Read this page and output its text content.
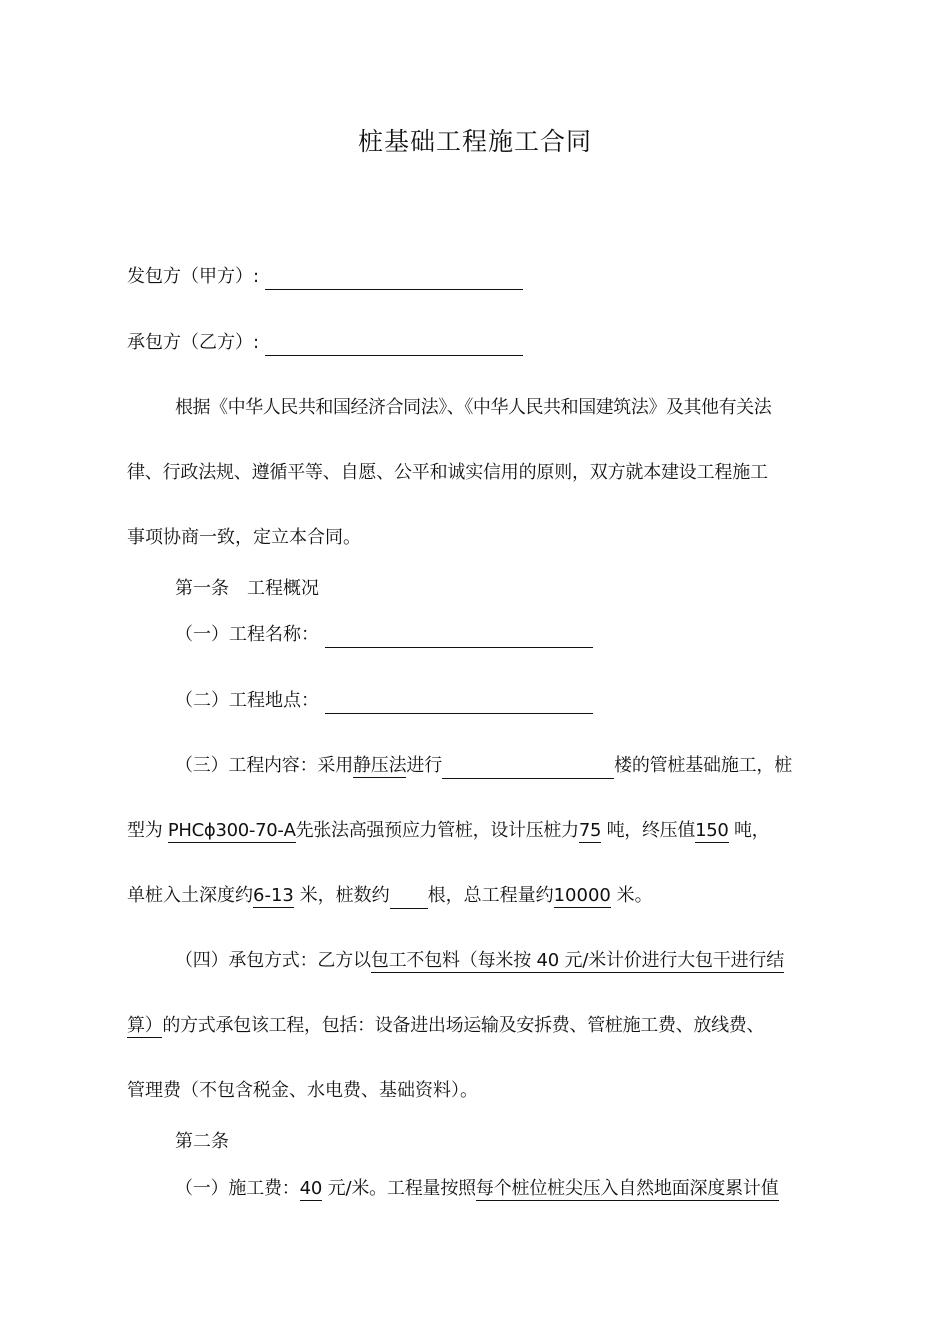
桩基础工程施工合同
发包方（甲方）:
承包方（乙方）:
根据《中华人民共和国经济合同法》、《中华人民共和国建筑法》及其他有关法
律、行政法规、遵循平等、自愿、公平和诚实信用的原则，双方就本建设工程施工
事项协商一致，定立本合同。
第一条　工程概况
（一）工程名称：
（二）工程地点：
（三）工程内容：采用静压法进行	楼的管桩基础施工，桩
型为 PHCϕ300-70-A先张法高强预应力管桩，设计压桩力75 吨，终压值150 吨，
单桩入土深度约6-13 米，桩数约 根，总工程量约10000 米。
（四）承包方式：乙方以包工不包料（每米按 40 元/米计价进行大包干进行结
算）的方式承包该工程，包括：设备进出场运输及安拆费、管桩施工费、放线费、
管理费（不包含税金、水电费、基础资料）。
第二条
（一）施工费：40 元/米。工程量按照每个桩位桩尖压入自然地面深度累计值
